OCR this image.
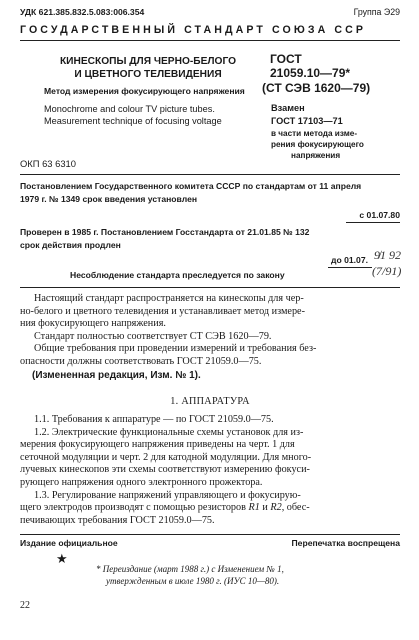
УДК 621.385.832.5.083:006.354	Группа Э29
ГОСУДАРСТВЕННЫЙ СТАНДАРТ СОЮЗА ССР
КИНЕСКОПЫ ДЛЯ ЧЕРНО-БЕЛОГО
И ЦВЕТНОГО ТЕЛЕВИДЕНИЯ
Метод измерения фокусирующего напряжения
Monochrome and colour TV picture tubes.
Measurement technique of focusing voltage
ОКП 63 6310
ГОСТ
21059.10—79*
(СТ СЭВ 1620—79)
Взамен
ГОСТ 17103—71
в части метода изме-
рения фокусирующего
напряжения
Постановлением Государственного комитета СССР по стандартам от 11 апреля
1979 г. № 1349 срок введения установлен
с 01.07.80
Проверен в 1985 г. Постановлением Госстандарта от 21.01.85 № 132
срок действия продлен
до 01.07. 9̸1 92
(7/91)
Несоблюдение стандарта преследуется по закону
Настоящий стандарт распространяется на кинескопы для чер-
но-белого и цветного телевидения и устанавливает метод измере-
ния фокусирующего напряжения.
Стандарт полностью соответствует СТ СЭВ 1620—79.
Общие требования при проведении измерений и требования без-
опасности должны соответствовать ГОСТ 21059.0—75.
(Измененная редакция, Изм. № 1).
1. АППАРАТУРА
1.1. Требования к аппаратуре — по ГОСТ 21059.0—75.
1.2. Электрические функциональные схемы установок для из-
мерения фокусирующего напряжения приведены на черт. 1 для
сеточной модуляции и черт. 2 для катодной модуляции. Для много-
лучевых кинескопов эти схемы соответствуют измерению фокуси-
рующего напряжения одного электронного прожектора.
1.3. Регулирование напряжений управляющего и фокусирую-
щего электродов производят с помощью резисторов R1 и R2, обес-
печивающих требования ГОСТ 21059.0—75.
Издание официальное	Перепечатка воспрещена
★
* Переиздание (март 1988 г.) с Изменением № 1,
утвержденным в июле 1980 г. (ИУС 10—80).
22
